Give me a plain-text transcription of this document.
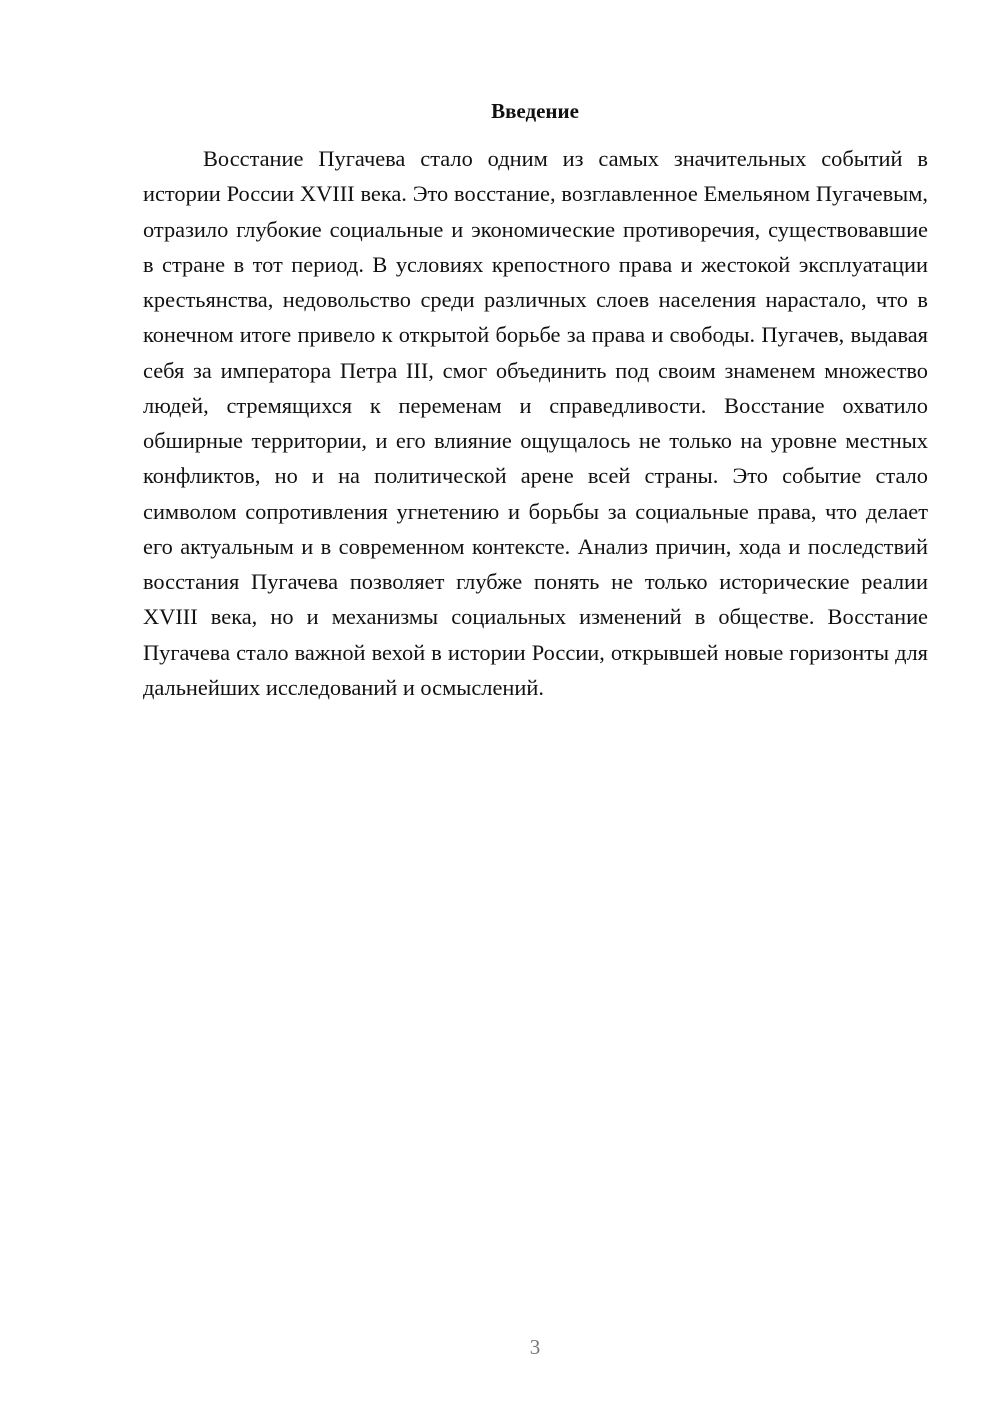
Введение

Восстание Пугачева стало одним из самых значительных событий в истории России XVIII века. Это восстание, возглавленное Емельяном Пугачевым, отразило глубокие социальные и экономические противоречия, существовавшие в стране в тот период. В условиях крепостного права и жестокой эксплуатации крестьянства, недовольство среди различных слоев населения нарастало, что в конечном итоге привело к открытой борьбе за права и свободы. Пугачев, выдавая себя за императора Петра III, смог объединить под своим знаменем множество людей, стремящихся к переменам и справедливости. Восстание охватило обширные территории, и его влияние ощущалось не только на уровне местных конфликтов, но и на политической арене всей страны. Это событие стало символом сопротивления угнетению и борьбы за социальные права, что делает его актуальным и в современном контексте. Анализ причин, хода и последствий восстания Пугачева позволяет глубже понять не только исторические реалии XVIII века, но и механизмы социальных изменений в обществе. Восстание Пугачева стало важной вехой в истории России, открывшей новые горизонты для дальнейших исследований и осмыслений.

3
